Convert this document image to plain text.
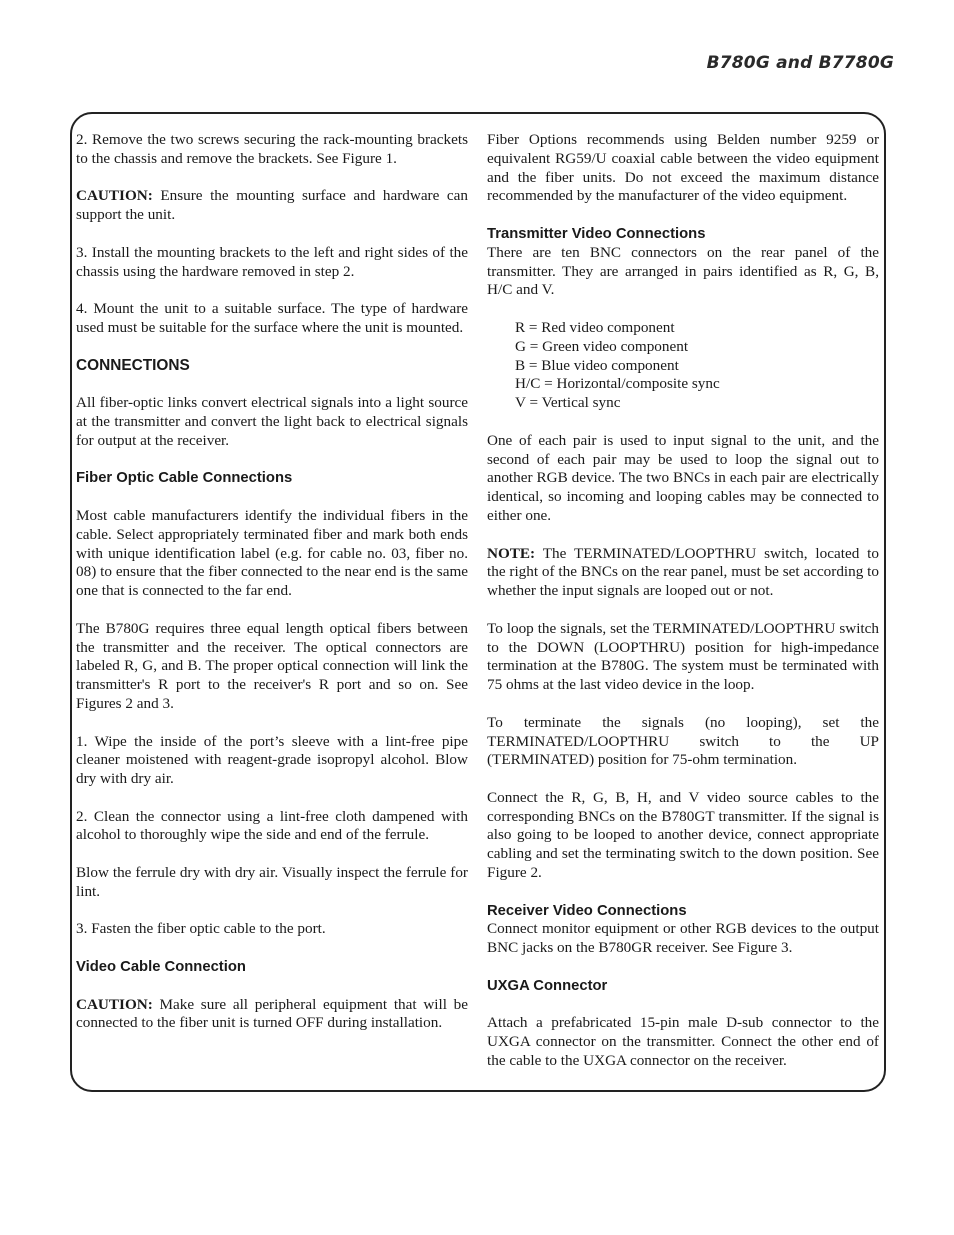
B780G and B7780G

2. Remove the two screws securing the rack-mounting brackets to the chassis and remove the brackets. See Figure 1.

CAUTION: Ensure the mounting surface and hardware can support the unit.

3. Install the mounting brackets to the left and right sides of the chassis using the hardware removed in step 2.

4. Mount the unit to a suitable surface. The type of hardware used must be suitable for the surface where the unit is mounted.

CONNECTIONS

All fiber-optic links convert electrical signals into a light source at the transmitter and convert the light back to electrical signals for output at the receiver.

Fiber Optic Cable Connections

Most cable manufacturers identify the individual fibers in the cable. Select appropriately terminated fiber and mark both ends with unique identification label (e.g. for cable no. 03, fiber no. 08) to ensure that the fiber connected to the near end is the same one that is connected to the far end.

The B780G requires three equal length optical fibers between the transmitter and the receiver. The optical connectors are labeled R, G, and B. The proper optical connection will link the transmitter's R port to the receiver's R port and so on. See Figures 2 and 3.

1. Wipe the inside of the port’s sleeve with a lint-free pipe cleaner moistened with reagent-grade isopropyl alcohol. Blow dry with dry air.

2. Clean the connector using a lint-free cloth dampened with alcohol to thoroughly wipe the side and end of the ferrule.

Blow the ferrule dry with dry air. Visually inspect the ferrule for lint.

3. Fasten the fiber optic cable to the port.

Video Cable Connection

CAUTION: Make sure all peripheral equipment that will be connected to the fiber unit is turned OFF during installation.

Fiber Options recommends using Belden number 9259 or equivalent RG59/U coaxial cable between the video equipment and the fiber units. Do not exceed the maximum distance recommended by the manufacturer of the video equipment.

Transmitter Video Connections

There are ten BNC connectors on the rear panel of the transmitter. They are arranged in pairs identified as R, G, B, H/C and V.

R = Red video component
G = Green video component
B = Blue video component
H/C = Horizontal/composite sync
V = Vertical sync

One of each pair is used to input signal to the unit, and the second of each pair may be used to loop the signal out to another RGB device. The two BNCs in each pair are electrically identical, so incoming and looping cables may be connected to either one.

NOTE: The TERMINATED/LOOPTHRU switch, located to the right of the BNCs on the rear panel, must be set according to whether the input signals are looped out or not.

To loop the signals, set the TERMINATED/LOOPTHRU switch to the DOWN (LOOPTHRU) position for high-impedance termination at the B780G. The system must be terminated with 75 ohms at the last video device in the loop.

To terminate the signals (no looping), set the TERMINATED/LOOPTHRU switch to the UP (TERMINATED) position for 75-ohm termination.

Connect the R, G, B, H, and V video source cables to the corresponding BNCs on the B780GT transmitter. If the signal is also going to be looped to another device, connect appropriate cabling and set the terminating switch to the down position. See Figure 2.

Receiver Video Connections

Connect monitor equipment or other RGB devices to the output BNC jacks on the B780GR receiver. See Figure 3.

UXGA Connector

Attach a prefabricated 15-pin male D-sub connector to the UXGA connector on the transmitter. Connect the other end of the cable to the UXGA connector on the receiver.
